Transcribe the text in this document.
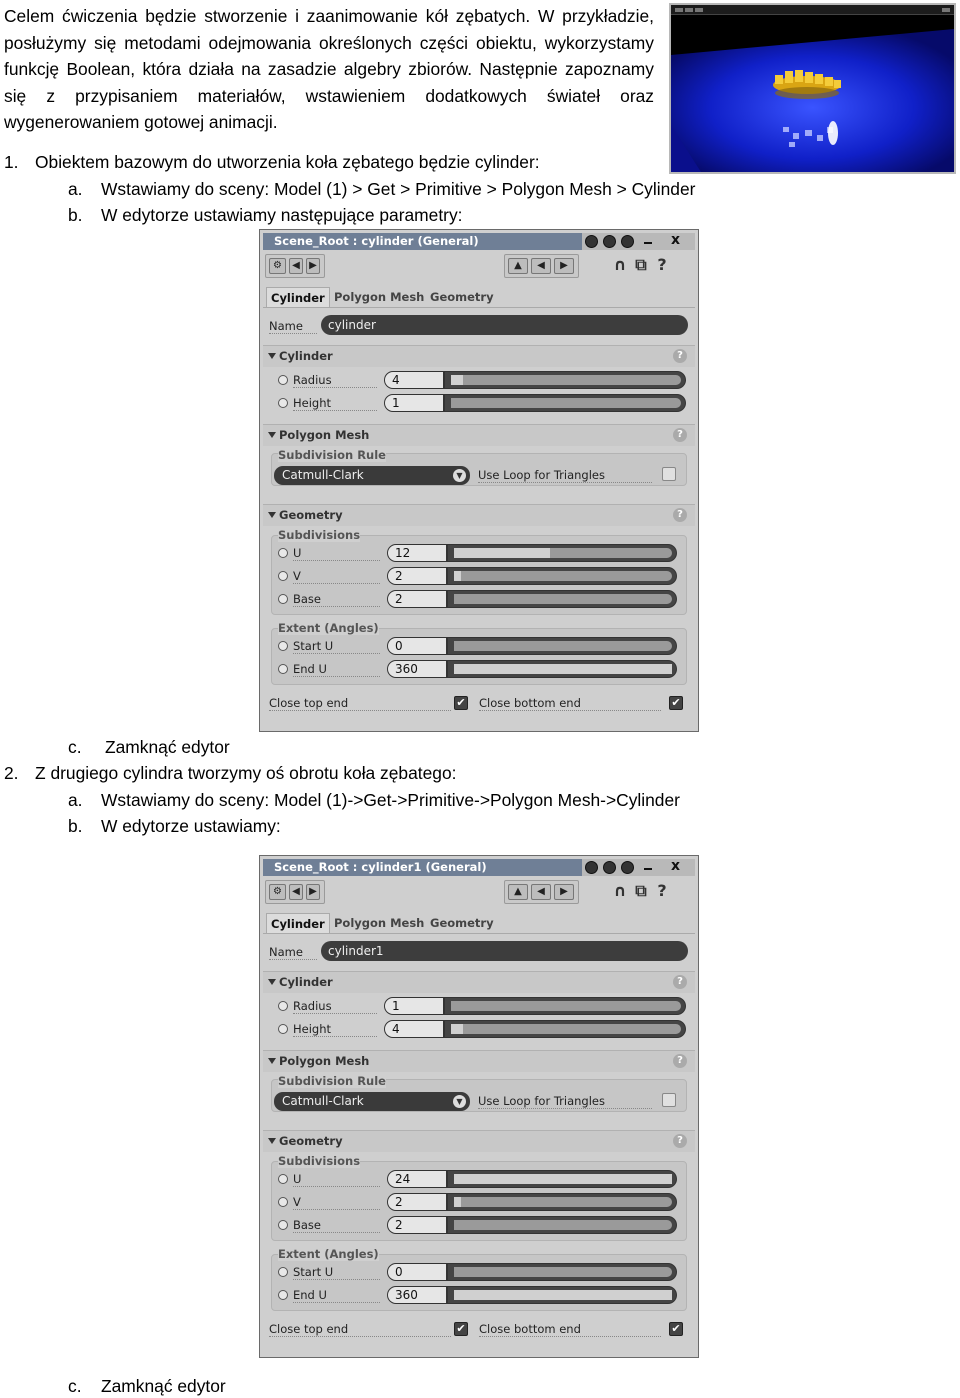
Celem ćwiczenia będzie stworzenie i zaanimowanie kół zębatych. W przykładzie, posłużymy się metodami odejmowania określonych części obiektu, wykorzystamy funkcję Boolean, która działa na zasadzie algebry zbiorów. Następnie zapoznamy się z przypisaniem materiałów, wstawieniem dodatkowych świateł oraz wygenerowaniem gotowej animacji.
1. Obiektem bazowym do utworzenia koła zębatego będzie cylinder:
a. Wstawiamy do sceny: Model (1) > Get > Primitive > Polygon Mesh > Cylinder
b. W edytorze ustawiamy następujące parametry:
Scene_Root : cylinder (General)	x
⚙	◀ ▶	▲	◀	▶	∩ ⧉ ?
Cylinder Polygon Mesh Geometry
Name	cylinder
Cylinder	?
Radius	4
Height	1
Polygon Mesh	?
Subdivision Rule
Catmull-Clark	▼ Use Loop for Triangles
Geometry	?
Subdivisions
U	12
V	2
Base	2
Extent (Angles)
Start U	0
End U	360
Close top end	✔ Close bottom end	✔
c. Zamknąć edytor
2. Z drugiego cylindra tworzymy oś obrotu koła zębatego:
a. Wstawiamy do sceny: Model (1)->Get->Primitive->Polygon Mesh->Cylinder
b. W edytorze ustawiamy:
Scene_Root : cylinder1 (General)	x
⚙	◀ ▶	▲	◀	▶	∩ ⧉ ?
Cylinder Polygon Mesh Geometry
Name	cylinder1
Cylinder	?
Radius	1
Height	4
Polygon Mesh	?
Subdivision Rule
Catmull-Clark	▼ Use Loop for Triangles
Geometry	?
Subdivisions
U	24
V	2
Base	2
Extent (Angles)
Start U	0
End U	360
Close top end	✔ Close bottom end	✔
c. Zamknąć edytor
